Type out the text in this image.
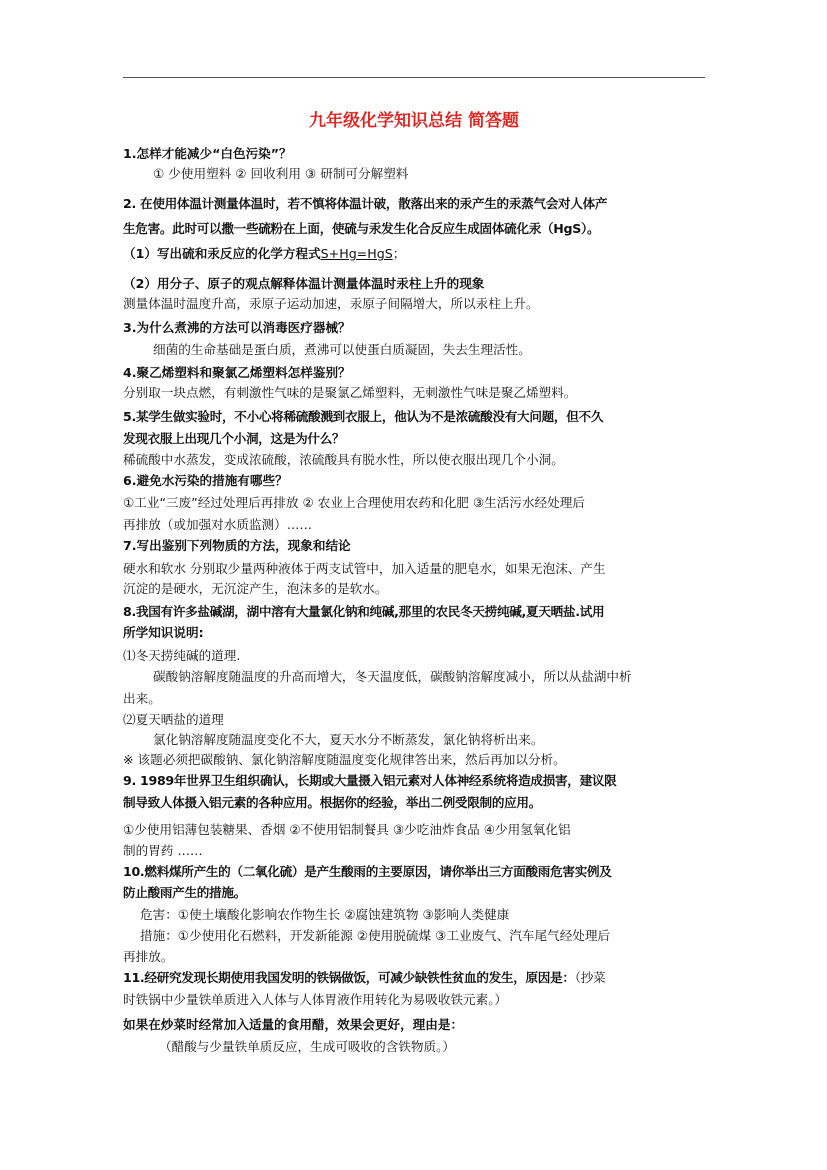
九年级化学知识总结 简答题
1.怎样才能减少“白色污染”？
① 少使用塑料 ② 回收利用 ③ 研制可分解塑料
2. 在使用体温计测量体温时，若不慎将体温计破，散落出来的汞产生的汞蒸气会对人体产
生危害。此时可以撒一些硫粉在上面，使硫与汞发生化合反应生成固体硫化汞（HgS）。
（1）写出硫和汞反应的化学方程式S+Hg=HgS；
（2）用分子、原子的观点解释体温计测量体温时汞柱上升的现象
测量体温时温度升高，汞原子运动加速，汞原子间隔增大，所以汞柱上升。
3.为什么煮沸的方法可以消毒医疗器械？
细菌的生命基础是蛋白质，煮沸可以使蛋白质凝固，失去生理活性。
4.聚乙烯塑料和聚氯乙烯塑料怎样鉴别？
分别取一块点燃，有刺激性气味的是聚氯乙烯塑料，无刺激性气味是聚乙烯塑料。
5.某学生做实验时，不小心将稀硫酸溅到衣服上，他认为不是浓硫酸没有大问题，但不久
发现衣服上出现几个小洞，这是为什么？
稀硫酸中水蒸发，变成浓硫酸，浓硫酸具有脱水性，所以使衣服出现几个小洞。
6.避免水污染的措施有哪些？
①工业“三废”经过处理后再排放 ② 农业上合理使用农药和化肥 ③生活污水经处理后
再排放（或加强对水质监测）……
7.写出鉴别下列物质的方法，现象和结论
硬水和软水 分别取少量两种液体于两支试管中，加入适量的肥皂水，如果无泡沫、产生
沉淀的是硬水，无沉淀产生，泡沫多的是软水。
8.我国有许多盐碱湖，湖中溶有大量氯化钠和纯碱,那里的农民冬天捞纯碱,夏天晒盐.试用
所学知识说明:
⑴冬天捞纯碱的道理.
碳酸钠溶解度随温度的升高而增大，冬天温度低，碳酸钠溶解度减小，所以从盐湖中析
出来。
⑵夏天晒盐的道理
氯化钠溶解度随温度变化不大，夏天水分不断蒸发，氯化钠将析出来。
※ 该题必须把碳酸钠、氯化钠溶解度随温度变化规律答出来，然后再加以分析。
9. 1989年世界卫生组织确认，长期或大量摄入铝元素对人体神经系统将造成损害，建议限
制导致人体摄入铝元素的各种应用。根据你的经验，举出二例受限制的应用。
①少使用铝薄包装糖果、香烟 ②不使用铝制餐具 ③少吃油炸食品 ④少用氢氧化铝
制的胃药 ……
10.燃料煤所产生的（二氧化硫）是产生酸雨的主要原因，请你举出三方面酸雨危害实例及
防止酸雨产生的措施。
危害：①使土壤酸化影响农作物生长 ②腐蚀建筑物 ③影响人类健康
措施：①少使用化石燃料，开发新能源 ②使用脱硫煤 ③工业废气、汽车尾气经处理后
再排放。
11.经研究发现长期使用我国发明的铁锅做饭，可减少缺铁性贫血的发生，原因是：（抄菜
时铁锅中少量铁单质进入人体与人体胃液作用转化为易吸收铁元素。）
如果在炒菜时经常加入适量的食用醋，效果会更好，理由是：
（醋酸与少量铁单质反应，生成可吸收的含铁物质。）
